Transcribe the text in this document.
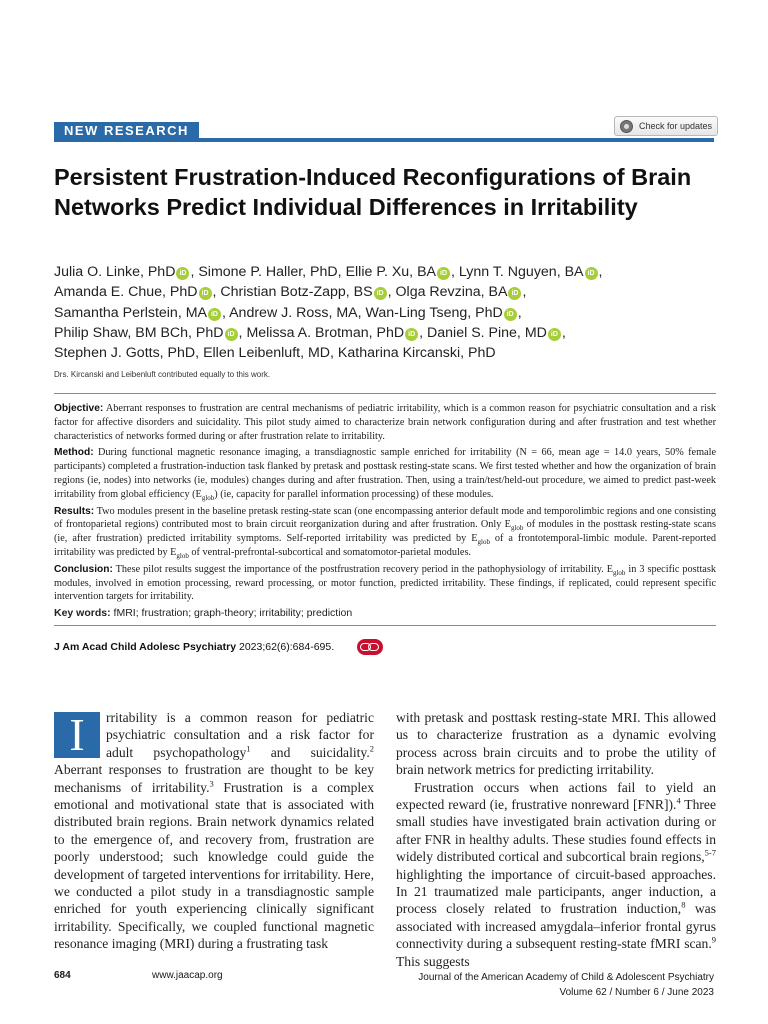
NEW RESEARCH	Check for updates
Persistent Frustration-Induced Reconfigurations of Brain Networks Predict Individual Differences in Irritability
Julia O. Linke, PhD iD , Simone P. Haller, PhD, Ellie P. Xu, BA iD , Lynn T. Nguyen, BA iD ,
Amanda E. Chue, PhD iD , Christian Botz-Zapp, BS iD , Olga Revzina, BA iD ,
Samantha Perlstein, MA iD , Andrew J. Ross, MA, Wan-Ling Tseng, PhD iD ,
Philip Shaw, BM BCh, PhD iD , Melissa A. Brotman, PhD iD , Daniel S. Pine, MD iD ,
Stephen J. Gotts, PhD, Ellen Leibenluft, MD, Katharina Kircanski, PhD
Drs. Kircanski and Leibenluft contributed equally to this work.

Objective: Aberrant responses to frustration are central mechanisms of pediatric irritability, which is a common reason for psychiatric consultation and a risk factor for affective disorders and suicidality. This pilot study aimed to characterize brain network configuration during and after frustration and test whether characteristics of networks formed during or after frustration relate to irritability.

Method: During functional magnetic resonance imaging, a transdiagnostic sample enriched for irritability (N = 66, mean age = 14.0 years, 50% female participants) completed a frustration-induction task flanked by pretask and posttask resting-state scans. We first tested whether and how the organization of brain regions (ie, nodes) into networks (ie, modules) changes during and after frustration. Then, using a train/test/held-out procedure, we aimed to predict past-week irritability from global efficiency $(E_{glob})$ (ie, capacity for parallel information processing) of these modules.

Results: Two modules present in the baseline pretask resting-state scan (one encompassing anterior default mode and temporolimbic regions and one consisting of frontoparietal regions) contributed most to brain circuit reorganization during and after frustration. Only $E_{glob}$ of modules in the posttask resting-state scans (ie, after frustration) predicted irritability symptoms. Self-reported irritability was predicted by $E_{glob}$ of a frontotemporal-limbic module. Parent-reported irritability was predicted by $E_{glob}$ of ventral-prefrontal-subcortical and somatomotor-parietal modules.

Conclusion: These pilot results suggest the importance of the postfrustration recovery period in the pathophysiology of irritability. $E_{glob}$ in 3 specific posttask modules, involved in emotion processing, reward processing, or motor function, predicted irritability. These findings, if replicated, could represent specific intervention targets for irritability.

Key words: fMRI; frustration; graph-theory; irritability; prediction

J Am Acad Child Adolesc Psychiatry 2023;62(6):684-695.
I	rritability is a common reason for pediatric psychiatric consultation and a risk factor for adult psychopathology$^1$ and suicidality.$^2$ Aberrant responses to frustration are thought to be key mechanisms of irritability.$^3$ Frustration is a complex emotional and motivational state that is associated with distributed brain regions. Brain network dynamics related to the emergence of, and recovery from, frustration are poorly understood; such knowledge could guide the development of targeted interventions for irritability. Here, we conducted a pilot study in a transdiagnostic sample enriched for youth experiencing clinically significant irritability. Specifically, we coupled functional magnetic resonance imaging (MRI) during a frustrating task

with pretask and posttask resting-state MRI. This allowed us to characterize frustration as a dynamic evolving process across brain circuits and to probe the utility of brain network metrics for predicting irritability.

Frustration occurs when actions fail to yield an expected reward (ie, frustrative nonreward [FNR]).$^4$ Three small studies have investigated brain activation during or after FNR in healthy adults. These studies found effects in widely distributed cortical and subcortical brain regions,$^{5-7}$ highlighting the importance of circuit-based approaches. In 21 traumatized male participants, anger induction, a process closely related to frustration induction,$^8$ was associated with increased amygdala–inferior frontal gyrus connectivity during a subsequent resting-state fMRI scan.$^9$ This suggests

684	www.jaacap.org	Journal of the American Academy of Child & Adolescent Psychiatry
Volume 62 / Number 6 / June 2023
